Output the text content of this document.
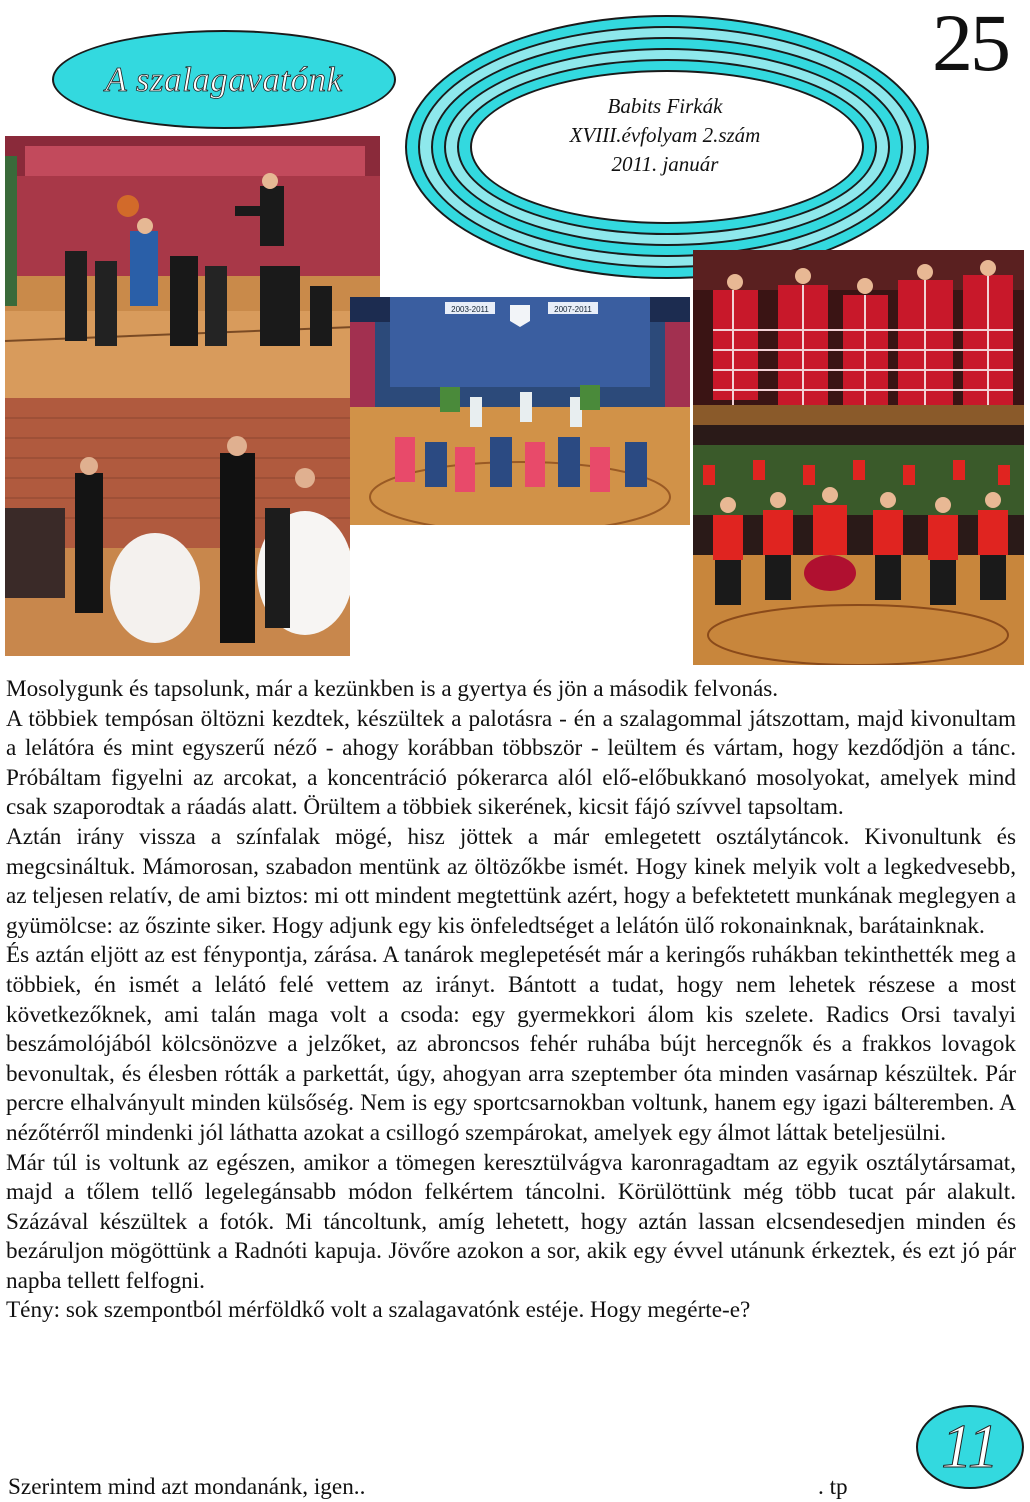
A szalagavatónk
Babits Firkák
XVIII.évfolyam 2.szám
2011. január
25
2003-2011	2007-2011

Mosolygunk és tapsolunk, már a kezünkben is a gyertya és jön a második felvonás.

A többiek tempósan öltözni kezdtek, készültek a palotásra - én a szalagommal játszottam, majd kivonultam a lelátóra és mint egyszerű néző - ahogy korábban többször - leültem és vártam, hogy kezdődjön a tánc. Próbáltam figyelni az arcokat, a koncentráció pókerarca alól elő-előbukkanó mosolyokat, amelyek mind csak szaporodtak a ráadás alatt. Örültem a többiek sikerének, kicsit fájó szívvel tapsoltam.

Aztán irány vissza a színfalak mögé, hisz jöttek a már emlegetett osztálytáncok. Kivonultunk és megcsináltuk. Mámorosan, szabadon mentünk az öltözőkbe ismét. Hogy kinek melyik volt a legkedvesebb, az teljesen relatív, de ami biztos: mi ott mindent megtettünk azért, hogy a befektetett munkának meglegyen a gyümölcse: az őszinte siker. Hogy adjunk egy kis önfeledtséget a lelátón ülő rokonainknak, barátainknak.

És aztán eljött az est fénypontja, zárása. A tanárok meglepetését már a keringős ruhákban tekinthették meg a többiek, én ismét a lelátó felé vettem az irányt. Bántott a tudat, hogy nem lehetek részese a most következőknek, ami talán maga volt a csoda: egy gyermekkori álom kis szelete. Radics Orsi tavalyi beszámolójából kölcsönözve a jelzőket, az abroncsos fehér ruhába bújt hercegnők és a frakkos lovagok bevonultak, és élesben rótták a parkettát, úgy, ahogyan arra szeptember óta minden vasárnap készültek. Pár percre elhalványult minden külsőség. Nem is egy sportcsarnokban voltunk, hanem egy igazi bálteremben. A nézőtérről mindenki jól láthatta azokat a csillogó szempárokat, amelyek egy álmot láttak beteljesülni.

Már túl is voltunk az egészen, amikor a tömegen keresztülvágva karonragadtam az egyik osztálytársamat, majd a tőlem tellő legelegánsabb módon felkértem táncolni. Körülöttünk még több tucat pár alakult. Százával készültek a fotók. Mi táncoltunk, amíg lehetett, hogy aztán lassan elcsendesedjen minden és bezáruljon mögöttünk a Radnóti kapuja. Jövőre azokon a sor, akik egy évvel utánunk érkeztek, és ezt jó pár napba tellett felfogni.

Tény: sok szempontból mérföldkő volt a szalagavatónk estéje. Hogy megérte-e?

Szerintem mind azt mondanánk, igen..	. tp
11
